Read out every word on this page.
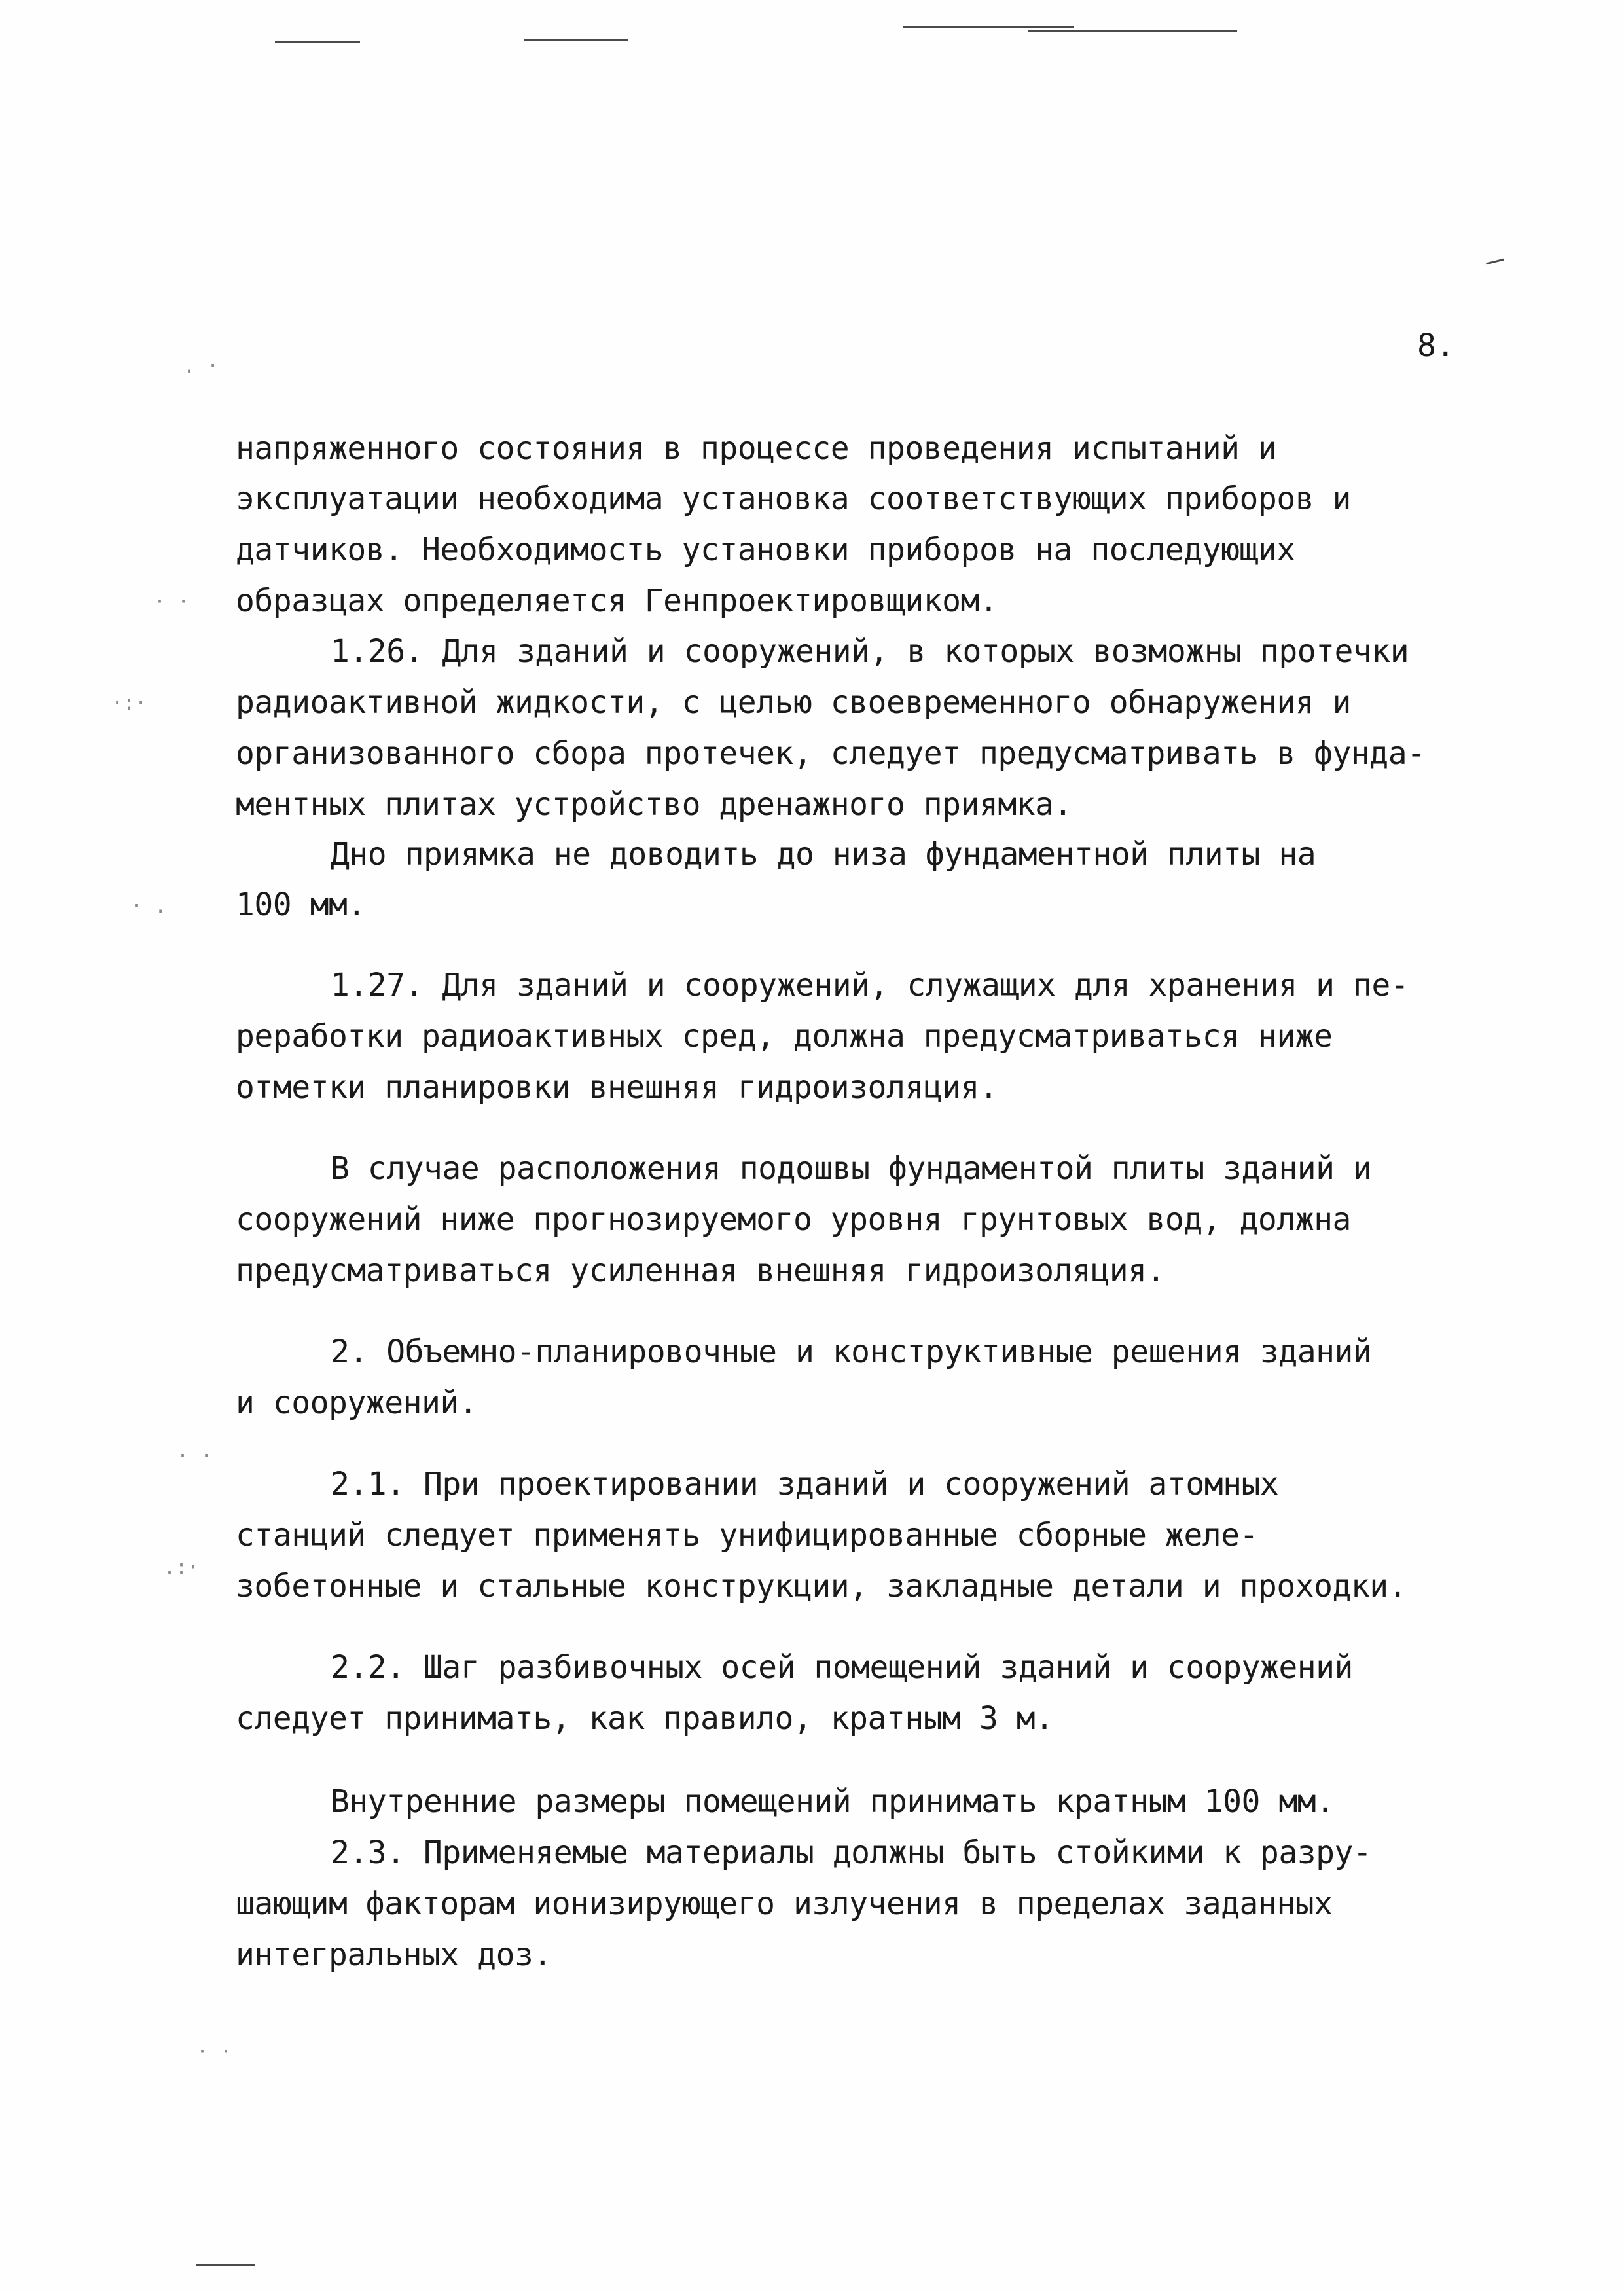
. ·
· ·
·:·
· .
· ·
.:·
· ·
8.
напряженного состояния в процессе проведения испытаний и
эксплуатации необходима установка соответствующих приборов и
датчиков. Необходимость установки приборов на последующих
образцах определяется Генпроектировщиком.
1.26. Для зданий и сооружений, в которых возможны протечки
радиоактивной жидкости, с целью своевременного обнаружения и
организованного сбора протечек, следует предусматривать в фунда-
ментных плитах устройство дренажного приямка.
Дно приямка не доводить до низа фундаментной плиты на
100 мм.
1.27. Для зданий и сооружений, служащих для хранения и пе-
реработки радиоактивных сред, должна предусматриваться ниже
отметки планировки внешняя гидроизоляция.
В случае расположения подошвы фундаментой плиты зданий и
сооружений ниже прогнозируемого уровня грунтовых вод, должна
предусматриваться усиленная внешняя гидроизоляция.
2. Объемно-планировочные и конструктивные решения зданий
и сооружений.
2.1. При проектировании зданий и сооружений атомных
станций следует применять унифицированные сборные желе-
зобетонные и стальные конструкции, закладные детали и проходки.
2.2. Шаг разбивочных осей помещений зданий и сооружений
следует принимать, как правило, кратным 3 м.
Внутренние размеры помещений принимать кратным 100 мм.
2.3. Применяемые материалы должны быть стойкими к разру-
шающим факторам ионизирующего излучения в пределах заданных
интегральных доз.
